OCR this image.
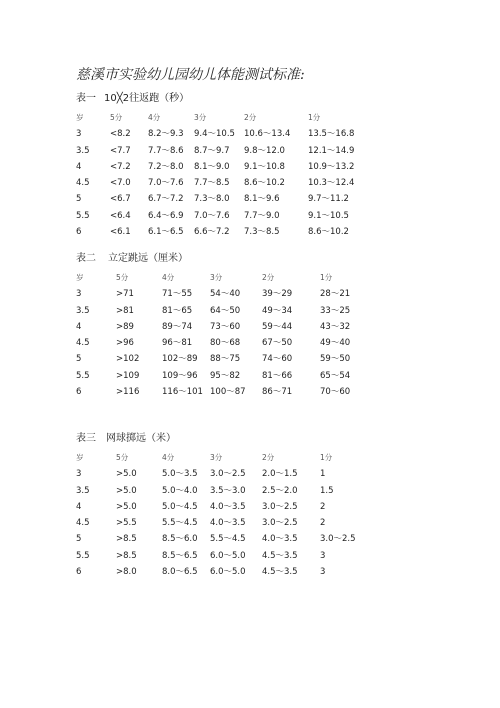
慈溪市实验幼儿园幼儿体能测试标准:
表一 10╳2往返跑（秒）
岁	5分	4分	3分	2分	1分
3	<8.2 8.2～9.3 9.4～10.5 10.6～13.4 13.5～16.8
3.5 <7.7 7.7～8.6 8.7～9.7 9.8～12.0	12.1～14.9
4	<7.2 7.2～8.0 8.1～9.0 9.1～10.8	10.9～13.2
4.5 <7.0 7.0～7.6 7.7～8.5 8.6～10.2	10.3～12.4
5	<6.7 6.7～7.2 7.3～8.0 8.1～9.6	9.7～11.2
5.5 <6.4 6.4～6.9 7.0～7.6 7.7～9.0	9.1～10.5
6	<6.1 6.1～6.5 6.6～7.2 7.3～8.5	8.6～10.2
表二 立定跳远（厘米）
岁	5分	4分	3分	2分	1分
3	>71	71～55 54～40	39～29	28～21
3.5	>81	81～65 64～50	49～34	33～25
4	>89	89～74 73～60	59～44	43～32
4.5	>96	96～81 80～68	67～50	49～40
5	>102	102～89 88～75	74～60	59～50
5.5	>109	109～96 95～82	81～66	65～54
6	>116	116～101 100～87 86～71	70～60
表三 网球掷远（米）
岁	5分	4分	3分	2分	1分
3	>5.0	5.0～3.5 3.0～2.5 2.0～1.5	1
3.5	>5.0	5.0～4.0 3.5～3.0 2.5～2.0	1.5
4	>5.0	5.0～4.5 4.0～3.5 3.0～2.5	2
4.5	>5.5	5.5～4.5 4.0～3.5 3.0～2.5	2
5	>8.5	8.5～6.0 5.5～4.5 4.0～3.5	3.0～2.5
5.5	>8.5	8.5～6.5 6.0～5.0 4.5～3.5	3
6	>8.0	8.0～6.5 6.0～5.0 4.5～3.5	3
